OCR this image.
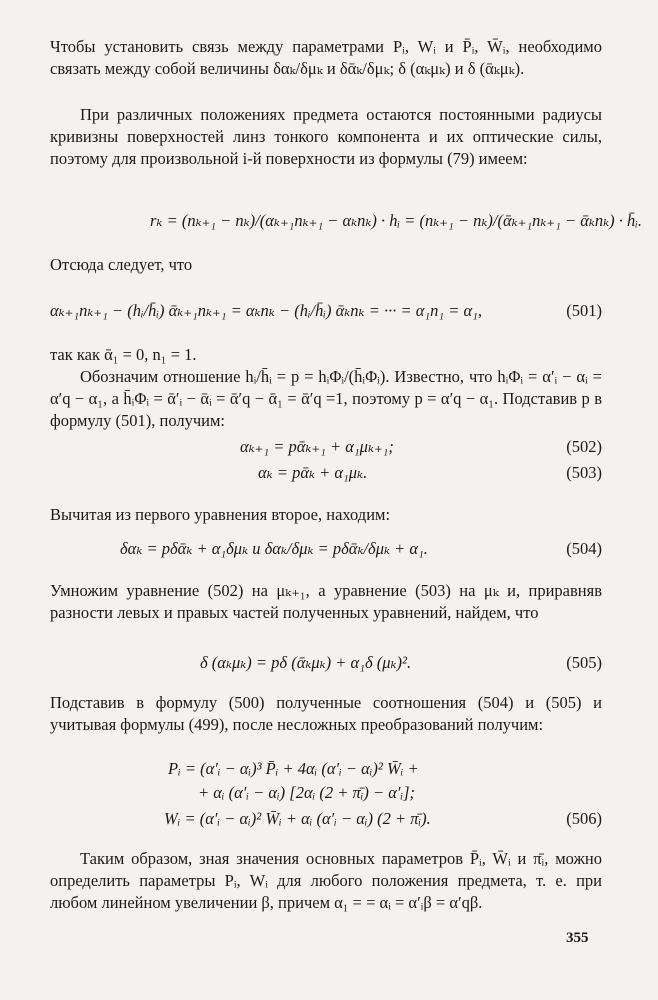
Чтобы установить связь между параметрами Pᵢ, Wᵢ и P̄ᵢ, W̄ᵢ, необходимо связать между собой величины δαₖ/δμₖ и δᾱₖ/δμₖ; δ (αₖμₖ) и δ (ᾱₖμₖ).

При различных положениях предмета остаются постоянными радиусы кривизны поверхностей линз тонкого компонента и их оптические силы, поэтому для произвольной i-й поверхности из формулы (79) имеем:

rₖ = (nₖ₊₁ − nₖ)/(αₖ₊₁nₖ₊₁ − αₖnₖ) · hᵢ = (nₖ₊₁ − nₖ)/(ᾱₖ₊₁nₖ₊₁ − ᾱₖnₖ) · h̄ᵢ.

Отсюда следует, что

αₖ₊₁nₖ₊₁ − (hᵢ/h̄ᵢ) ᾱₖ₊₁nₖ₊₁ = αₖnₖ − (hᵢ/h̄ᵢ) ᾱₖnₖ = ··· = α₁n₁ = α₁,	(501)

так как ᾱ₁ = 0, n₁ = 1.

Обозначим отношение hᵢ/h̄ᵢ = p = hᵢΦᵢ/(h̄ᵢΦᵢ). Известно, что hᵢΦᵢ = α′ᵢ − αᵢ = α′q − α₁, а h̄ᵢΦᵢ = ᾱ′ᵢ − ᾱᵢ = ᾱ′q − ᾱ₁ = ᾱ′q =1, поэтому p = α′q − α₁. Подставив p в формулу (501), получим:

αₖ₊₁ = pᾱₖ₊₁ + α₁μₖ₊₁;	(502)
αₖ = pᾱₖ + α₁μₖ.	(503)

Вычитая из первого уравнения второе, находим:

δαₖ = pδᾱₖ + α₁δμₖ и δαₖ/δμₖ = pδᾱₖ/δμₖ + α₁.	(504)

Умножим уравнение (502) на μₖ₊₁, а уравнение (503) на μₖ и, приравняв разности левых и правых частей полученных уравнений, найдем, что

δ (αₖμₖ) = pδ (ᾱₖμₖ) + α₁δ (μₖ)².	(505)

Подставив в формулу (500) полученные соотношения (504) и (505) и учитывая формулы (499), после несложных преобразований получим:

Pᵢ = (α′ᵢ − αᵢ)³ P̄ᵢ + 4αᵢ (α′ᵢ − αᵢ)² W̄ᵢ +
+ αᵢ (α′ᵢ − αᵢ) [2αᵢ (2 + π̄ᵢ) − α′ᵢ];
Wᵢ = (α′ᵢ − αᵢ)² W̄ᵢ + αᵢ (α′ᵢ − αᵢ) (2 + π̄ᵢ).	(506)

Таким образом, зная значения основных параметров P̄ᵢ, W̄ᵢ и π̄ᵢ, можно определить параметры Pᵢ, Wᵢ для любого положения предмета, т. е. при любом линейном увеличении β, причем α₁ = = αᵢ = α′ᵢβ = α′qβ.

355
